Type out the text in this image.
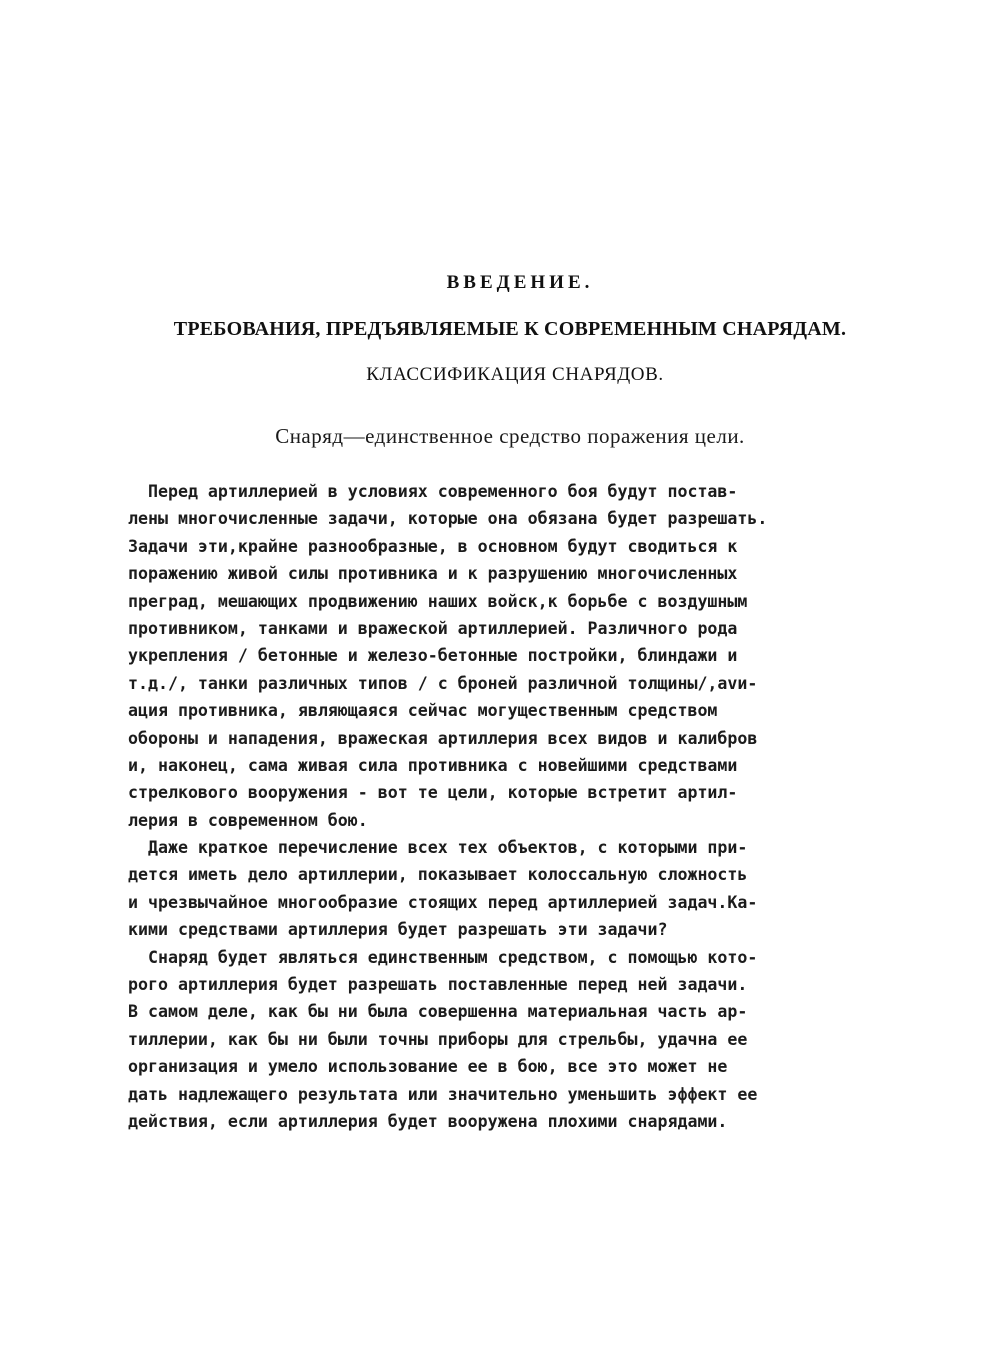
ВВЕДЕНИЕ.
ТРЕБОВАНИЯ, ПРЕДЪЯВЛЯЕМЫЕ К СОВРЕМЕННЫМ СНАРЯДАМ.
КЛАССИФИКАЦИЯ СНАРЯДОВ.
Снаряд—единственное средство поражения цели.
Перед артиллерией в условиях современного боя будут постав-
лены многочисленные задачи, которые она обязана будет разрешать.
Задачи эти,крайне разнообразные, в основном будут сводиться к
поражению живой силы противника и к разрушению многочисленных
преград, мешающих продвижению наших войск,к борьбе с воздушным
противником, танками и вражеской артиллерией. Различного рода
укрепления / бетонные и железо-бетонные постройки, блиндажи и
т.д./, танки различных типов / с броней различной толщины/,avи-
ация противника, являющаяся сейчас могущественным средством
обороны и нападения, вражеская артиллерия всех видов и калибров
и, наконец, сама живая сила противника с новейшими средствами
стрелкового вооружения - вот те цели, которые встретит артил-
лерия в современном бою.
Даже краткое перечисление всех тех объектов, с которыми при-
дется иметь дело артиллерии, показывает колоссальную сложность
и чрезвычайное многообразие стоящих перед артиллерией задач.Ка-
кими средствами артиллерия будет разрешать эти задачи?
Снаряд будет являться единственным средством, с помощью кото-
рого артиллерия будет разрешать поставленные перед ней задачи.
В самом деле, как бы ни была совершенна материальная часть ар-
тиллерии, как бы ни были точны приборы для стрельбы, удачна ее
организация и умело использование ее в бою, все это может не
дать надлежащего результата или значительно уменьшить эффект ее
действия, если артиллерия будет вооружена плохими снарядами.
